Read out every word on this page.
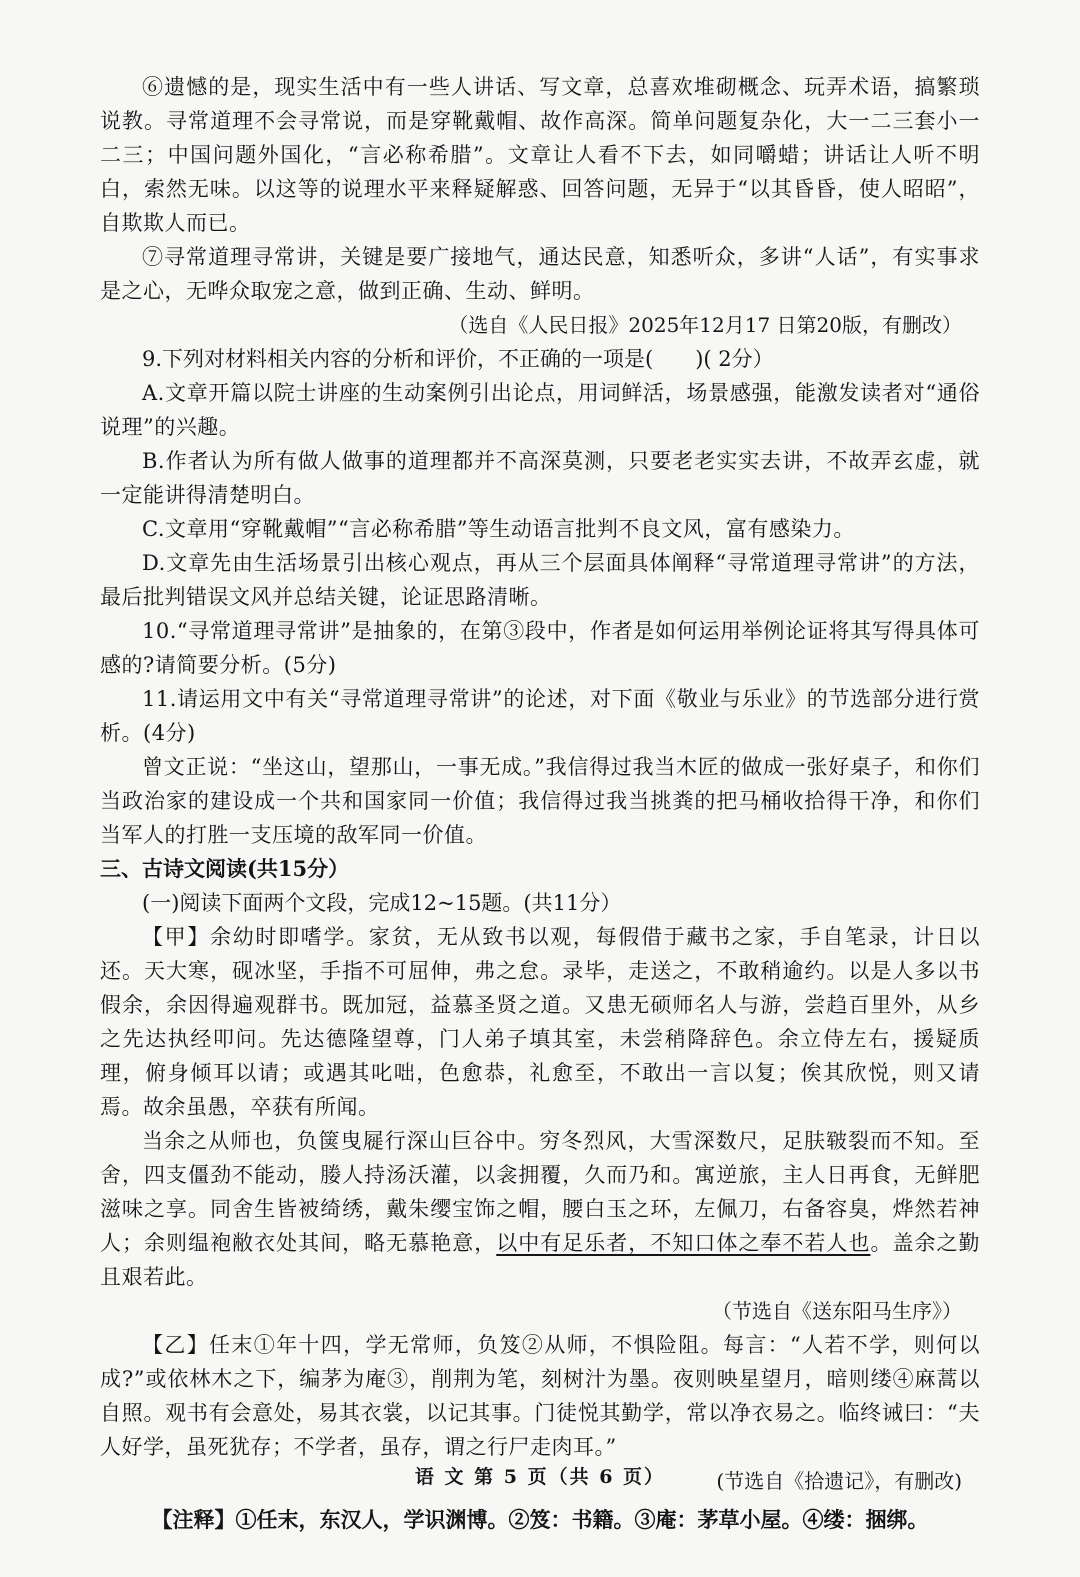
⑥遗憾的是，现实生活中有一些人讲话、写文章，总喜欢堆砌概念、玩弄术语，搞繁琐说教。寻常道理不会寻常说，而是穿靴戴帽、故作高深。简单问题复杂化，大一二三套小一二三；中国问题外国化，“言必称希腊”。文章让人看不下去，如同嚼蜡；讲话让人听不明白，索然无味。以这等的说理水平来释疑解惑、回答问题，无异于“以其昏昏，使人昭昭”，自欺欺人而已。

⑦寻常道理寻常讲，关键是要广接地气，通达民意，知悉听众，多讲“人话”，有实事求是之心，无哗众取宠之意，做到正确、生动、鲜明。

（选自《人民日报》2025年12月17 日第20版，有删改）

9.下列对材料相关内容的分析和评价，不正确的一项是(　　)( 2分）

A.文章开篇以院士讲座的生动案例引出论点，用词鲜活，场景感强，能激发读者对“通俗说理”的兴趣。

B.作者认为所有做人做事的道理都并不高深莫测，只要老老实实去讲，不故弄玄虚，就一定能讲得清楚明白。

C.文章用“穿靴戴帽”“言必称希腊”等生动语言批判不良文风，富有感染力。

D.文章先由生活场景引出核心观点，再从三个层面具体阐释“寻常道理寻常讲”的方法，最后批判错误文风并总结关键，论证思路清晰。

10.“寻常道理寻常讲”是抽象的，在第③段中，作者是如何运用举例论证将其写得具体可感的?请简要分析。(5分)

11.请运用文中有关“寻常道理寻常讲”的论述，对下面《敬业与乐业》的节选部分进行赏析。(4分)

曾文正说：“坐这山，望那山，一事无成。”我信得过我当木匠的做成一张好桌子，和你们当政治家的建设成一个共和国家同一价值；我信得过我当挑粪的把马桶收拾得干净，和你们当军人的打胜一支压境的敌军同一价值。

三、古诗文阅读(共15分）

(一)阅读下面两个文段，完成12~15题。(共11分）

【甲】余幼时即嗜学。家贫，无从致书以观，每假借于藏书之家，手自笔录，计日以还。天大寒，砚冰坚，手指不可屈伸，弗之怠。录毕，走送之，不敢稍逾约。以是人多以书假余，余因得遍观群书。既加冠，益慕圣贤之道。又患无硕师名人与游，尝趋百里外，从乡之先达执经叩问。先达德隆望尊，门人弟子填其室，未尝稍降辞色。余立侍左右，援疑质理，俯身倾耳以请；或遇其叱咄，色愈恭，礼愈至，不敢出一言以复；俟其欣悦，则又请焉。故余虽愚，卒获有所闻。

当余之从师也，负箧曳屣行深山巨谷中。穷冬烈风，大雪深数尺，足肤皲裂而不知。至舍，四支僵劲不能动，媵人持汤沃灌，以衾拥覆，久而乃和。寓逆旅，主人日再食，无鲜肥滋味之享。同舍生皆被绮绣，戴朱缨宝饰之帽，腰白玉之环，左佩刀，右备容臭，烨然若神人；余则缊袍敝衣处其间，略无慕艳意，以中有足乐者，不知口体之奉不若人也。盖余之勤且艰若此。

（节选自《送东阳马生序》）

【乙】任末①年十四，学无常师，负笈②从师，不惧险阻。每言：“人若不学，则何以成?”或依林木之下，编茅为庵③，削荆为笔，刻树汁为墨。夜则映星望月，暗则缕④麻蒿以自照。观书有会意处，易其衣裳，以记其事。门徒悦其勤学，常以净衣易之。临终诫曰：“夫人好学，虽死犹存；不学者，虽存，谓之行尸走肉耳。”

(节选自《拾遗记》，有删改)

【注释】①任末，东汉人，学识渊博。②笈：书籍。③庵：茅草小屋。④缕：捆绑。

语 文 第 5 页（共 6 页）
